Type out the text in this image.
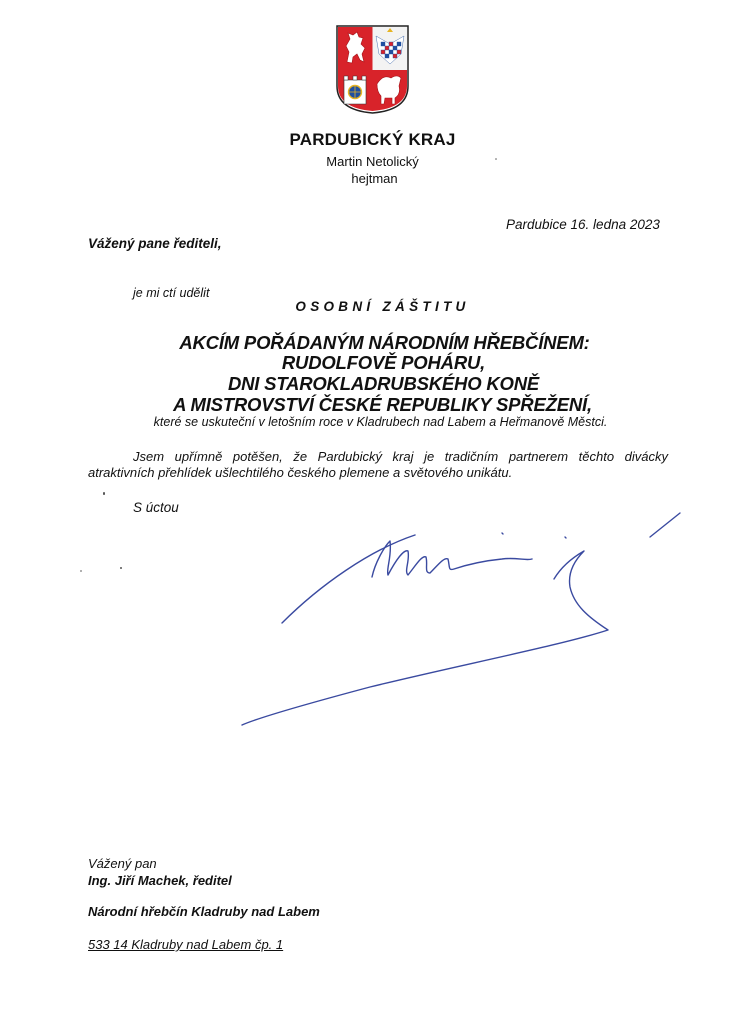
PARDUBICKÝ KRAJ
Martin Netolický
hejtman
Pardubice 16. ledna 2023
Vážený pane řediteli,
je mi ctí udělit
OSOBNÍ ZÁŠTITU
AKCÍM POŘÁDANÝM NÁRODNÍM HŘEBČÍNEM:
RUDOLFOVĚ POHÁRU,
DNI STAROKLADRUBSKÉHO KONĚ
A MISTROVSTVÍ ČESKÉ REPUBLIKY SPŘEŽENÍ,
které se uskuteční v letošním roce v Kladrubech nad Labem a Heřmanově Městci.
Jsem upřímně potěšen, že Pardubický kraj je tradičním partnerem těchto divácky
atraktivních přehlídek ušlechtilého českého plemene a světového unikátu.
S úctou
Vážený pan
Ing. Jiří Machek, ředitel
Národní hřebčín Kladruby nad Labem
533 14 Kladruby nad Labem čp. 1
